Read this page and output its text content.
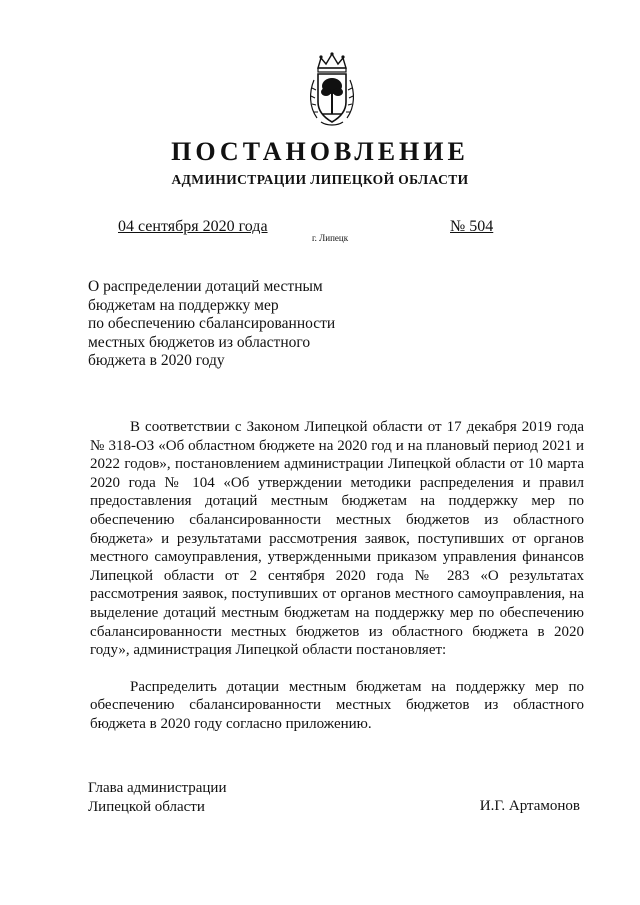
ПОСТАНОВЛЕНИЕ
АДМИНИСТРАЦИИ ЛИПЕЦКОЙ ОБЛАСТИ
04 сентября 2020 года
г. Липецк
№ 504
О распределении дотаций местным
бюджетам на поддержку мер
по обеспечению сбалансированности
местных бюджетов из областного
бюджета в 2020 году

В соответствии с Законом Липецкой области от 17 декабря 2019 года № 318-ОЗ «Об областном бюджете на 2020 год и на плановый период 2021 и 2022 годов», постановлением администрации Липецкой области от 10 марта 2020 года № 104 «Об утверждении методики распределения и правил предоставления дотаций местным бюджетам на поддержку мер по обеспечению сбалансированности местных бюджетов из областного бюджета» и результатами рассмотрения заявок, поступивших от органов местного самоуправления, утвержденными приказом управления финансов Липецкой области от 2 сентября 2020 года № 283 «О результатах рассмотрения заявок, поступивших от органов местного самоуправления, на выделение дотаций местным бюджетам на поддержку мер по обеспечению сбалансированности местных бюджетов из областного бюджета в 2020 году», администрация Липецкой области постановляет:

Распределить дотации местным бюджетам на поддержку мер по обеспечению сбалансированности местных бюджетов из областного бюджета в 2020 году согласно приложению.

Глава администрации
Липецкой области	И.Г. Артамонов
